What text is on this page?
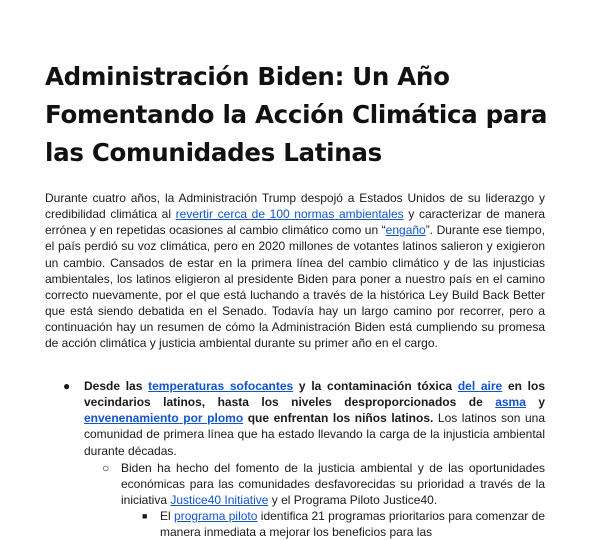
Administración Biden: Un Año Fomentando la Acción Climática para las Comunidades Latinas

Durante cuatro años, la Administración Trump despojó a Estados Unidos de su liderazgo y credibilidad climática al revertir cerca de 100 normas ambientales y caracterizar de manera errónea y en repetidas ocasiones al cambio climático como un “engaño”. Durante ese tiempo, el país perdió su voz climática, pero en 2020 millones de votantes latinos salieron y exigieron un cambio. Cansados de estar en la primera línea del cambio climático y de las injusticias ambientales, los latinos eligieron al presidente Biden para poner a nuestro país en el camino correcto nuevamente, por el que está luchando a través de la histórica Ley Build Back Better que está siendo debatida en el Senado. Todavía hay un largo camino por recorrer, pero a continuación hay un resumen de cómo la Administración Biden está cumpliendo su promesa de acción climática y justicia ambiental durante su primer año en el cargo.

● Desde las temperaturas sofocantes y la contaminación tóxica del aire en los vecindarios latinos, hasta los niveles desproporcionados de asma y envenenamiento por plomo que enfrentan los niños latinos. Los latinos son una comunidad de primera línea que ha estado llevando la carga de la injusticia ambiental durante décadas.
○ Biden ha hecho del fomento de la justicia ambiental y de las oportunidades económicas para las comunidades desfavorecidas su prioridad a través de la iniciativa Justice40 Initiative y el Programa Piloto Justice40.
■ El programa piloto identifica 21 programas prioritarios para comenzar de manera inmediata a mejorar los beneficios para las
